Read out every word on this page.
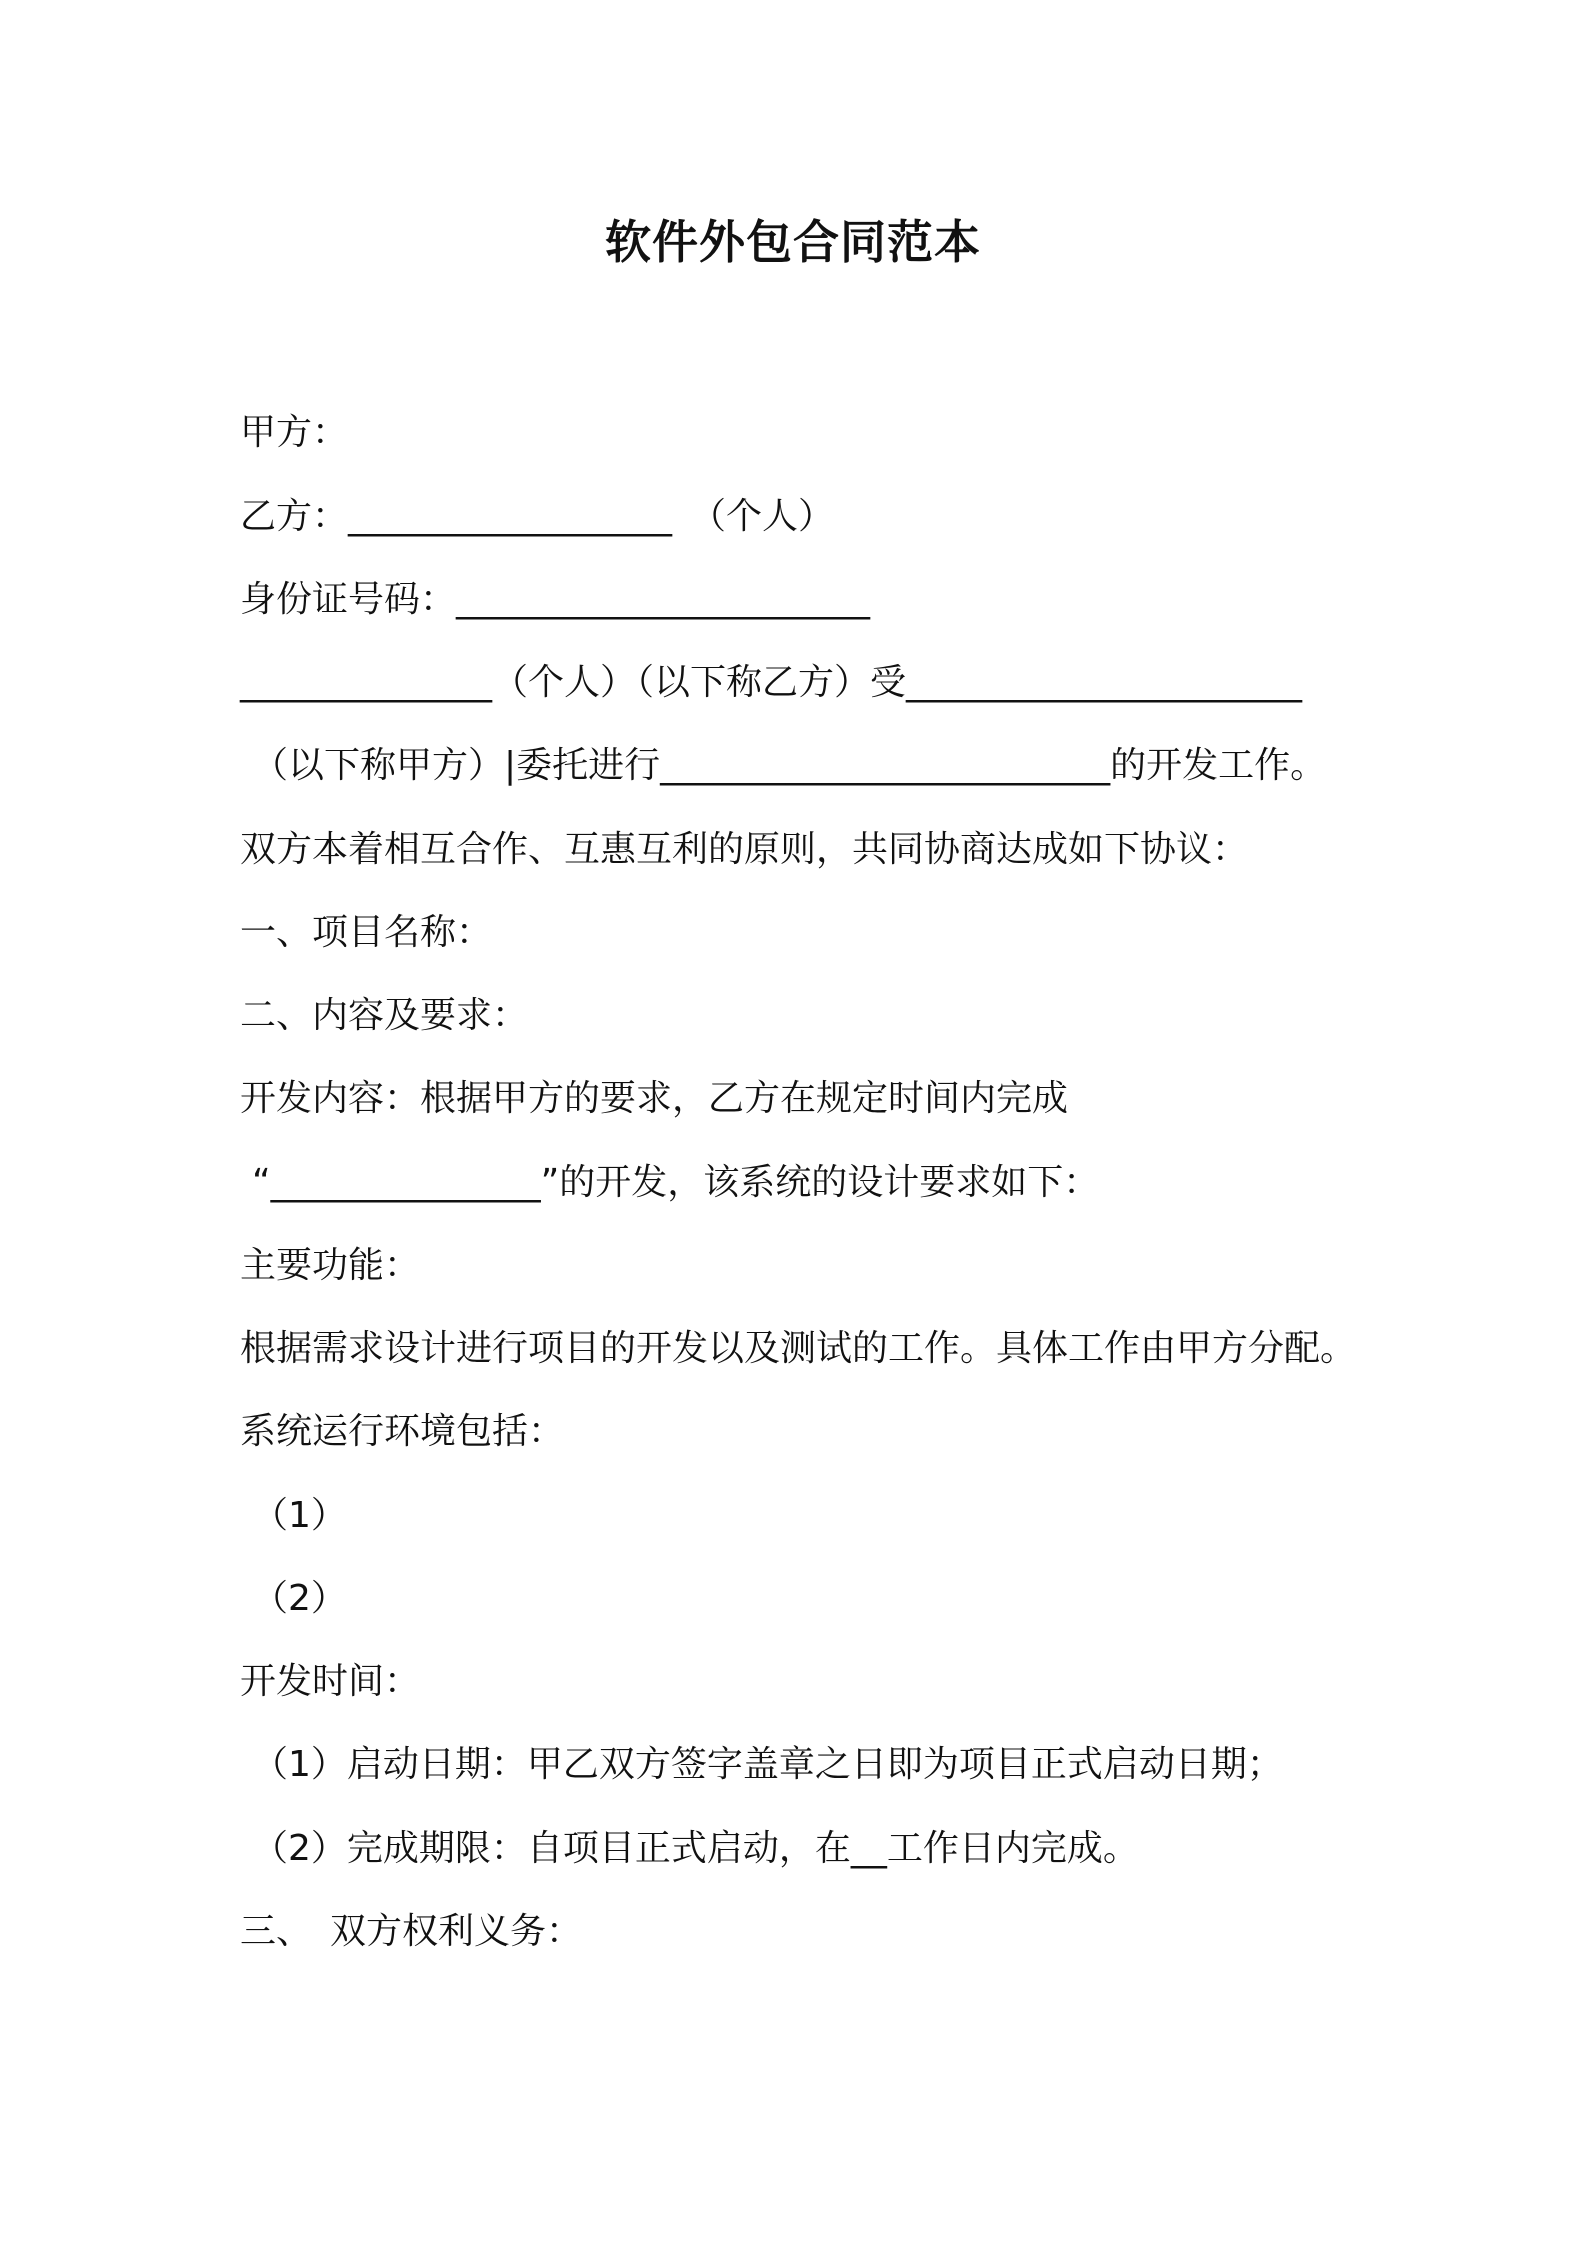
软件外包合同范本
甲方：
乙方：__________________　（个人）
身份证号码：_______________________
______________（个人）（以下称乙方）受______________________
（以下称甲方）|委托进行_________________________的开发工作。
双方本着相互合作、互惠互利的原则，共同协商达成如下协议：
一、项目名称：
二、内容及要求：
开发内容：根据甲方的要求，乙方在规定时间内完成
“_______________”的开发，该系统的设计要求如下：
主要功能：
根据需求设计进行项目的开发以及测试的工作。具体工作由甲方分配。
系统运行环境包括：
（1）
（2）
开发时间：
（1）启动日期：甲乙双方签字盖章之日即为项目正式启动日期；
（2）完成期限：自项目正式启动，在__工作日内完成。
三、　双方权利义务：
